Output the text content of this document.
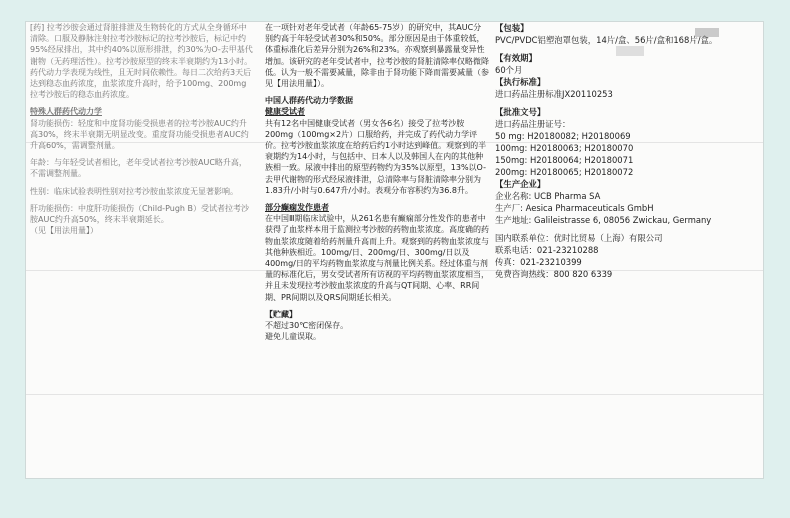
[药] 拉考沙胺会通过肾脏排泄及生物转化的方式从全身循环中清除。口服及静脉注射拉考沙胺标记的拉考沙胺后，标记中约95%经尿排出，其中约40%以原形排泄，约30%为O-去甲基代谢物（无药理活性）。拉考沙胺原型的终末半衰期约为13小时。药代动力学表现为线性，且无时间依赖性。每日二次给药3天后达到稳态血药浓度，血浆浓度升高时，给予100mg、200mg拉考沙胺后的稳态血药浓度。

特殊人群药代动力学

肾功能损伤：轻度和中度肾功能受损患者的拉考沙胺AUC约升高30%，终末半衰期无明显改变。重度肾功能受损患者AUC约升高60%，需调整剂量。

年龄：与年轻受试者相比，老年受试者拉考沙胺AUC略升高，不需调整剂量。

性别：临床试验表明性别对拉考沙胺血浆浓度无显著影响。

肝功能损伤：中度肝功能损伤（Child-Pugh B）受试者拉考沙胺AUC约升高50%，终末半衰期延长。

（见【用法用量】）

在一项针对老年受试者（年龄65-75岁）的研究中，其AUC分别约高于年轻受试者30%和50%。部分原因是由于体重较低，体重标准化后差异分别为26%和23%。亦观察到暴露量变异性增加。该研究的老年受试者中，拉考沙胺的肾脏清除率仅略微降低。认为一般不需要减量，除非由于肾功能下降而需要减量（参见【用法用量】）。

中国人群药代动力学数据

健康受试者

共有12名中国健康受试者（男女各6名）接受了拉考沙胺200mg（100mg×2片）口服给药，并完成了药代动力学评价。拉考沙胺血浆浓度在给药后约1小时达到峰值。观察到的半衰期约为14小时，与包括中、日本人以及韩国人在内的其他种族相一致。尿液中排出的原型药物约为35%以原型，13%以O-去甲代谢物的形式经尿液排泄，总清除率与肾脏清除率分别为1.83升/小时与0.647升/小时。表观分布容积约为36.8升。

部分癫痫发作患者

在中国Ⅲ期临床试验中，从261名患有癫痫部分性发作的患者中获得了血浆样本用于监测拉考沙胺的药物血浆浓度。高度确的药物血浆浓度随着给药剂量升高而上升。观察到的药物血浆浓度与其他种族相近。100mg/日、200mg/日、300mg/日以及400mg/日的平均药物血浆浓度与剂量比例关系。经过体重与剂量的标准化后，男女受试者所有访视的平均药物血浆浓度相当，并且未发现拉考沙胺血浆浓度的升高与QT间期、心率、RR间期、PR间期以及QRS间期延长相关。

【贮藏】

不超过30℃密闭保存。

避免儿童误取。

【包装】

PVC/PVDC铝塑泡罩包装，14片/盒、56片/盒和168片/盒。

【有效期】

60个月

【执行标准】

进口药品注册标准JX20110253

【批准文号】

进口药品注册证号：

50 mg: H20180082; H20180069

100mg: H20180063; H20180070

150mg: H20180064; H20180071

200mg: H20180065; H20180072

【生产企业】

企业名称: UCB Pharma SA

生产厂: Aesica Pharmaceuticals GmbH

生产地址: Galileistrasse 6, 08056 Zwickau, Germany

国内联系单位：优时比贸易（上海）有限公司

联系电话：021-23210288

传真：021-23210399

免费咨询热线：800 820 6339
